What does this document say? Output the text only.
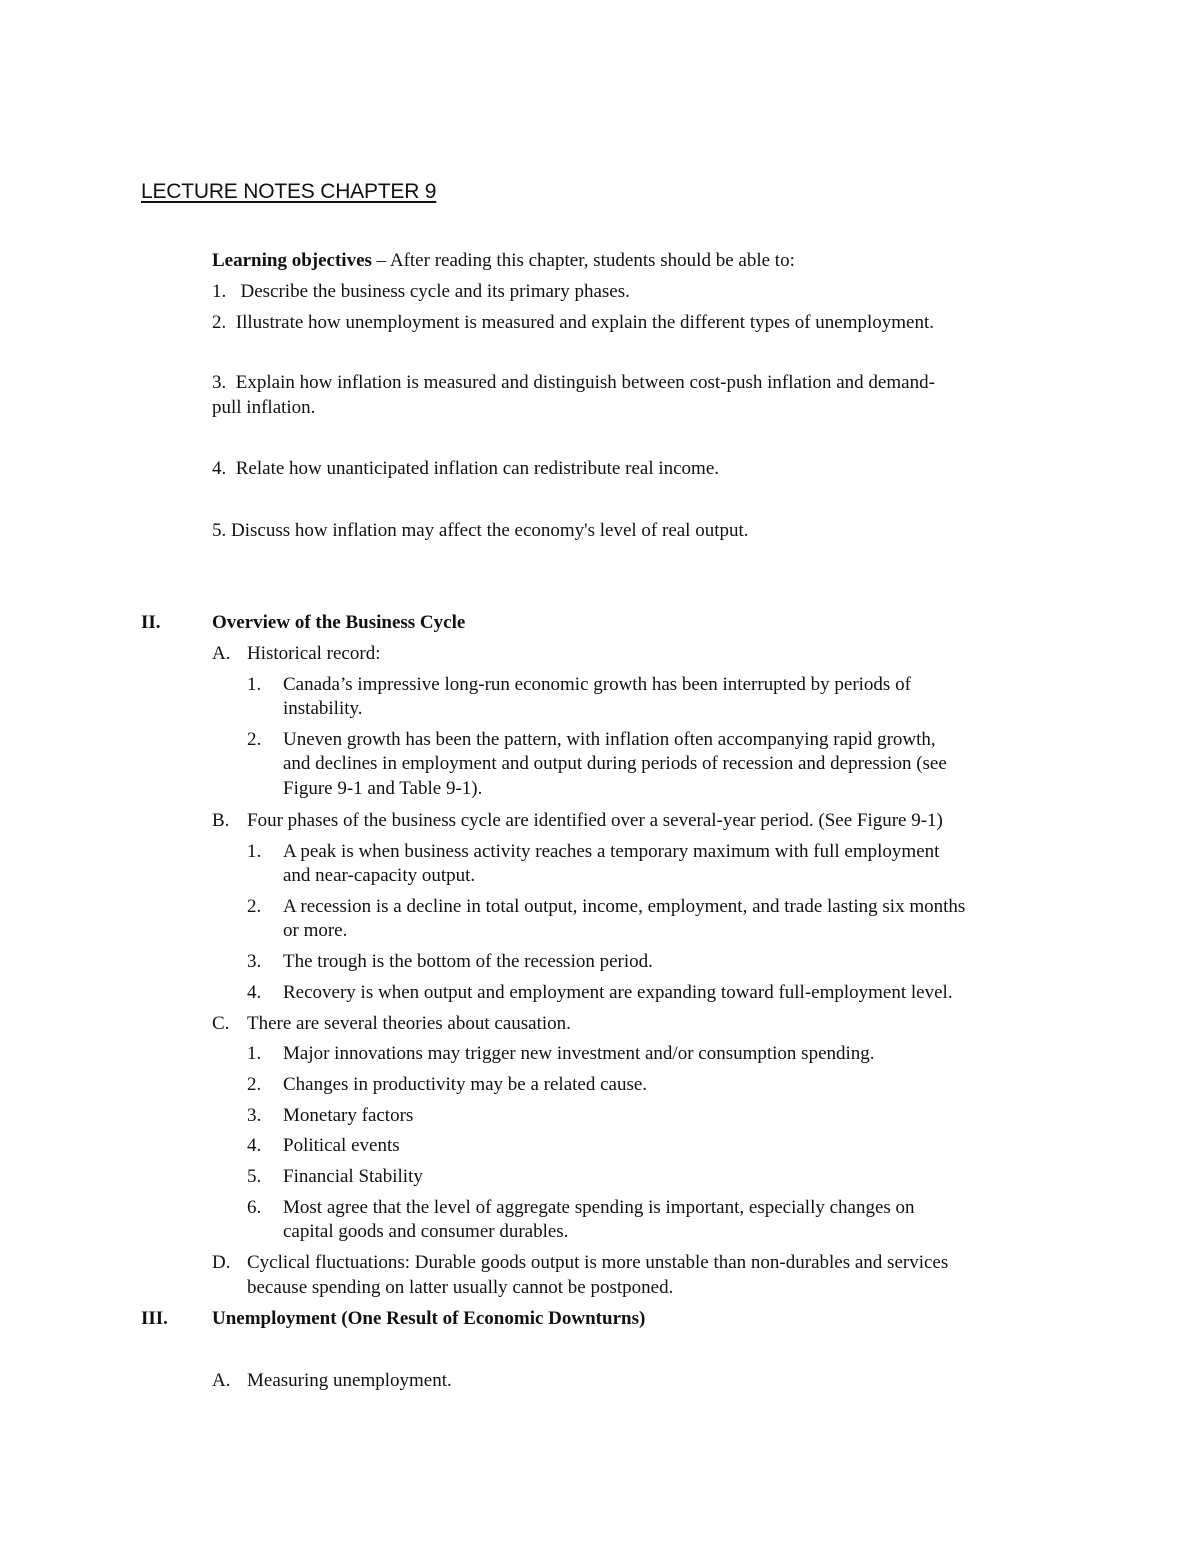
LECTURE NOTES CHAPTER 9
Learning objectives – After reading this chapter, students should be able to:
1. Describe the business cycle and its primary phases.
2. Illustrate how unemployment is measured and explain the different types of unemployment.
3. Explain how inflation is measured and distinguish between cost-push inflation and demand-
pull inflation.
4. Relate how unanticipated inflation can redistribute real income.
5. Discuss how inflation may affect the economy's level of real output.
II.	Overview of the Business Cycle
A. Historical record:
1. Canada’s impressive long-run economic growth has been interrupted by periods of
instability.
2. Uneven growth has been the pattern, with inflation often accompanying rapid growth,
and declines in employment and output during periods of recession and depression (see
Figure 9-1 and Table 9-1).
B. Four phases of the business cycle are identified over a several-year period. (See Figure 9-1)
1. A peak is when business activity reaches a temporary maximum with full employment
and near-capacity output.
2. A recession is a decline in total output, income, employment, and trade lasting six months
or more.
3. The trough is the bottom of the recession period.
4. Recovery is when output and employment are expanding toward full-employment level.
C. There are several theories about causation.
1. Major innovations may trigger new investment and/or consumption spending.
2. Changes in productivity may be a related cause.
3. Monetary factors
4. Political events
5. Financial Stability
6. Most agree that the level of aggregate spending is important, especially changes on
capital goods and consumer durables.
D. Cyclical fluctuations: Durable goods output is more unstable than non-durables and services
because spending on latter usually cannot be postponed.
III. Unemployment (One Result of Economic Downturns)
A. Measuring unemployment.
